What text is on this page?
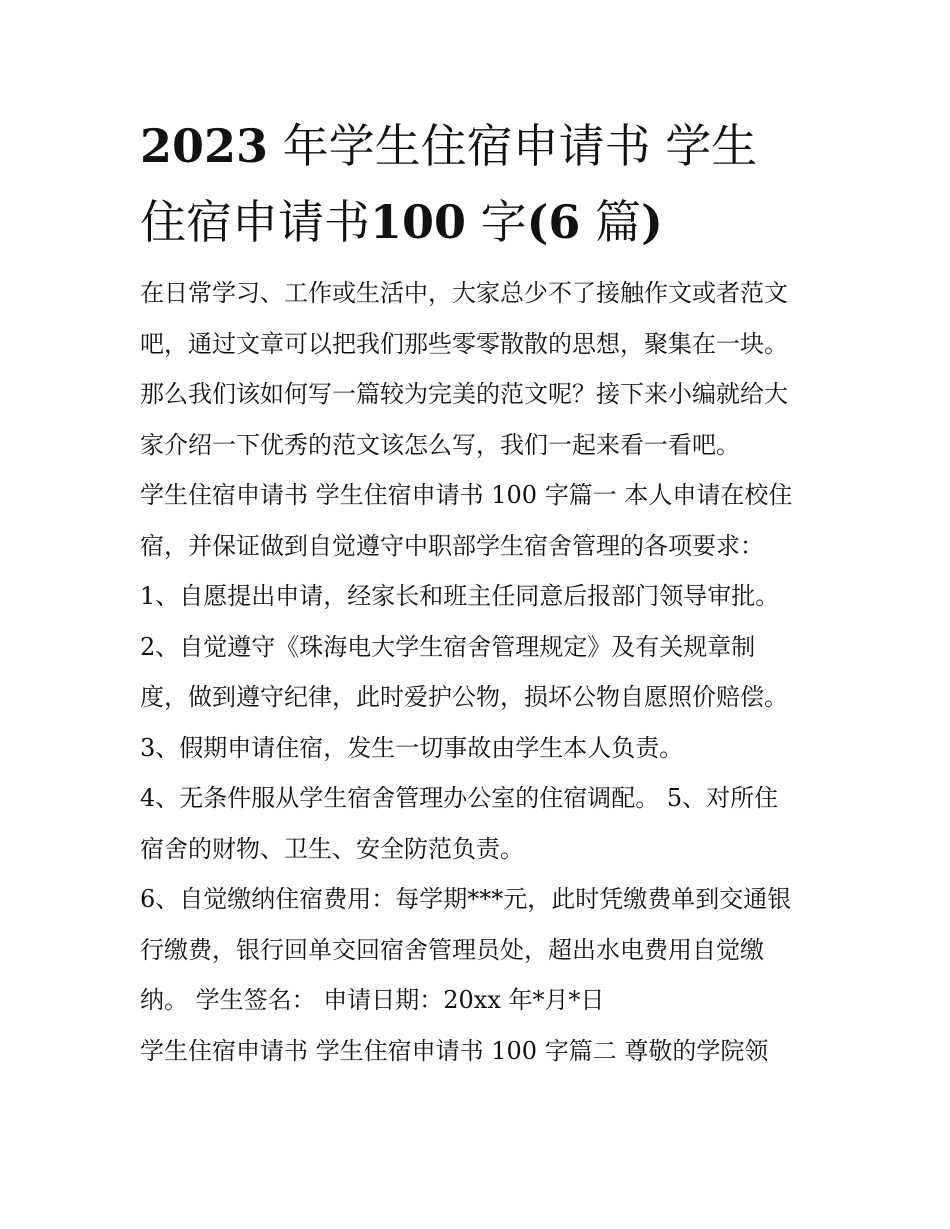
2023 年学生住宿申请书 学生
住宿申请书100 字(6 篇)

在日常学习、工作或生活中，大家总少不了接触作文或者范文

吧，通过文章可以把我们那些零零散散的思想，聚集在一块。

那么我们该如何写一篇较为完美的范文呢？接下来小编就给大

家介绍一下优秀的范文该怎么写，我们一起来看一看吧。

学生住宿申请书 学生住宿申请书 100 字篇一 本人申请在校住

宿，并保证做到自觉遵守中职部学生宿舍管理的各项要求：

1、自愿提出申请，经家长和班主任同意后报部门领导审批。

2、自觉遵守《珠海电大学生宿舍管理规定》及有关规章制

度，做到遵守纪律，此时爱护公物，损坏公物自愿照价赔偿。

3、假期申请住宿，发生一切事故由学生本人负责。

4、无条件服从学生宿舍管理办公室的住宿调配。 5、对所住

宿舍的财物、卫生、安全防范负责。

6、自觉缴纳住宿费用：每学期***元，此时凭缴费单到交通银

行缴费，银行回单交回宿舍管理员处，超出水电费用自觉缴

纳。 学生签名： 申请日期：20xx 年*月*日

学生住宿申请书 学生住宿申请书 100 字篇二 尊敬的学院领
